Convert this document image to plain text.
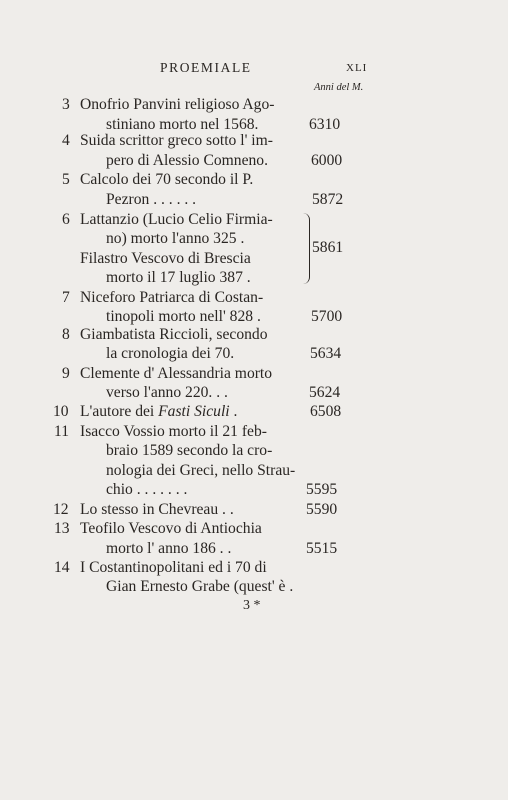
PROEMIALE	XLI
Anni del M.
3
4
5
6
7
8
9
10
11
12
13
14
Onofrio Panvini religioso Ago-
stiniano morto nel 1568.
Suida scrittor greco sotto l' im-
pero di Alessio Comneno.
Calcolo dei 70 secondo il P.
Pezron . . . . . .
Lattanzio (Lucio Celio Firmia-
no) morto l'anno 325 .
Filastro Vescovo di Brescia
morto il 17 luglio 387 .
Niceforo Patriarca di Costan-
tinopoli morto nell' 828 .
Giambatista Riccioli, secondo
la cronologia dei 70.
Clemente d' Alessandria morto
verso l'anno 220. . .
L'autore dei Fasti Siculi .
Isacco Vossio morto il 21 feb-
braio 1589 secondo la cro-
nologia dei Greci, nello Strau-
chio . . . . . . .
Lo stesso in Chevreau . .
Teofilo Vescovo di Antiochia
morto l' anno 186 . .
I Costantinopolitani ed i 70 di
Gian Ernesto Grabe (quest' è .
6310
6000
5872
5861
5700
5634
5624
6508
5595
5590
5515
3 *
